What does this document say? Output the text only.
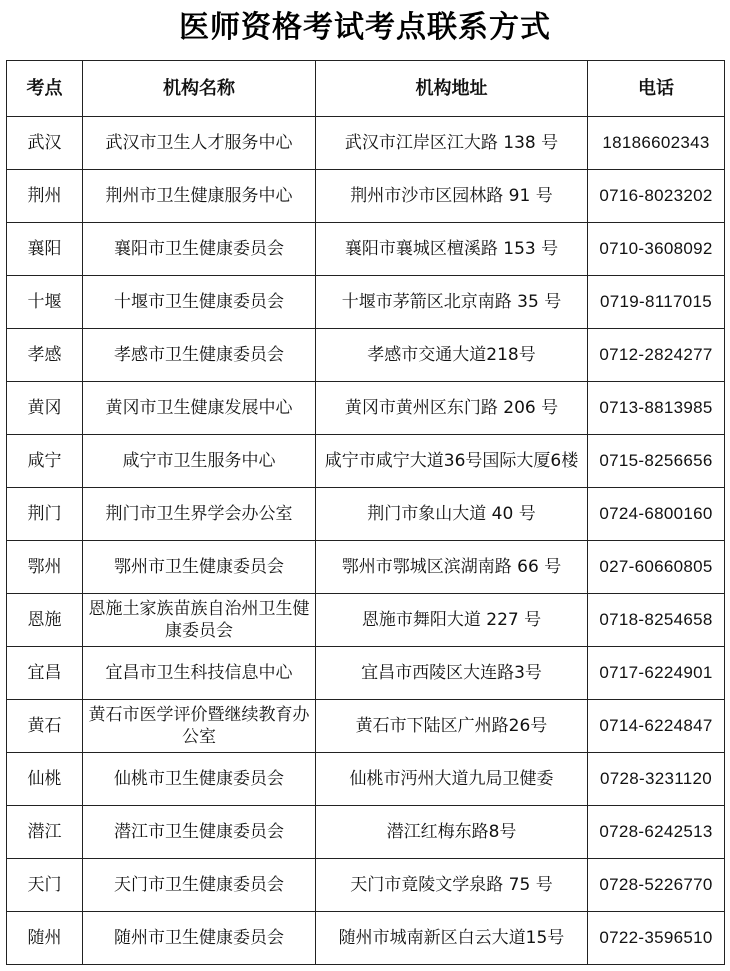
医师资格考试考点联系方式
考点	机构名称	机构地址	电话
武汉	武汉市卫生人才服务中心	武汉市江岸区江大路 138 号	18186602343
荆州	荆州市卫生健康服务中心	荆州市沙市区园林路 91 号	0716-8023202
襄阳	襄阳市卫生健康委员会	襄阳市襄城区檀溪路 153 号	0710-3608092
十堰	十堰市卫生健康委员会	十堰市茅箭区北京南路 35 号	0719-8117015
孝感	孝感市卫生健康委员会	孝感市交通大道218号	0712-2824277
黄冈	黄冈市卫生健康发展中心	黄冈市黄州区东门路 206 号	0713-8813985
咸宁	咸宁市卫生服务中心	咸宁市咸宁大道36号国际大厦6楼	0715-8256656
荆门	荆门市卫生界学会办公室	荆门市象山大道 40 号	0724-6800160
鄂州	鄂州市卫生健康委员会	鄂州市鄂城区滨湖南路 66 号	027-60660805
恩施	恩施土家族苗族自治州卫生健康委员会	恩施市舞阳大道 227 号	0718-8254658
宜昌	宜昌市卫生科技信息中心	宜昌市西陵区大连路3号	0717-6224901
黄石	黄石市医学评价暨继续教育办公室	黄石市下陆区广州路26号	0714-6224847
仙桃	仙桃市卫生健康委员会	仙桃市沔州大道九局卫健委	0728-3231120
潜江	潜江市卫生健康委员会	潜江红梅东路8号	0728-6242513
天门	天门市卫生健康委员会	天门市竟陵文学泉路 75 号	0728-5226770
随州	随州市卫生健康委员会	随州市城南新区白云大道15号	0722-3596510
